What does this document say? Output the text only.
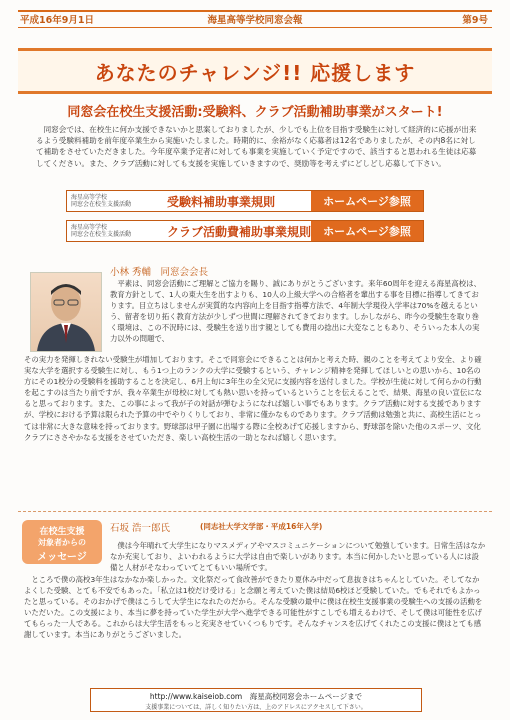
平成16年9月1日	海星高等学校同窓会報	第9号
あなたのチャレンジ!! 応援します
同窓会在校生支援活動:受験料、クラブ活動補助事業がスタート!
同窓会では、在校生に何か支援できないかと思案しておりましたが、少しでも上位を目指す受験生に対して経済的に応援が出来るよう受験料補助を前年度卒業生から実施いたしました。時期的に、余裕がなく応募者は12名でありましたが、その内8名に対して補助をさせていただきました。今年度卒業予定者に対しても事業を実施していく予定ですので、該当すると思われる生徒は応募してください。また、クラブ活動に対しても支援を実施していきますので、奨励等を考えずにどしどし応募して下さい。
海星高等学校
同窓会在校生支援活動	受験料補助事業規則	ホームページ参照
海星高等学校
同窓会在校生支援活動	クラブ活動費補助事業規則	ホームページ参照
小林 秀輔　同窓会会長
平素は、同窓会活動にご理解とご協力を賜り、誠にありがとうございます。来年60周年を迎える海星高校は、教育方針として、1人の東大生を出すよりも、10人の上級大学への合格者を輩出する事を目標に指導してきております。目立ちはしませんが実質的な内容向上を目指す指導方法で、4年制大学現役入学率は70%を越えるという、留者を切り拓く教育方法が少しずつ世間に理解されてきております。しかしながら、昨今の受験生を取り巻く環境は、この不況時には、受験生を送り出す親としても費用の捻出に大変なこともあり、そういった本人の実力以外の問題で、
その実力を発揮しきれない受験生が増加しております。そこで同窓会にできることは何かと考えた時、親のことを考えてより安全、より確実な大学を選択する受験生に対し、もう1つ上のランクの大学に受験するという、チャレンジ精神を発揮してほしいとの思いから、10名の方にその1校分の受験料を援助することを決定し、6月上旬に3年生の全父兄に支援内容を送付しました。学校が生徒に対して何らかの行動を起こすのは当たり前ですが、我々卒業生が母校に対しても熱い思いを持っているということを伝えることで、結果、海星の良い宣伝になると思っております。また、この事によって我が子の対話が弾むようになれば嬉しい事でもあります。クラブ活動に対する支援でありますが、学校における予算は限られた予算の中でやりくりしており、非常に僅かなものであります。クラブ活動は勉強と共に、高校生活にとっては非常に大きな意味を持っております。野球部は甲子園に出場する際に全校あげて応援しますから、野球部を除いた他のスポーツ、文化クラブにささやかなる支援をさせていただき、楽しい高校生活の一助となれば嬉しく思います。
在校生支援
対象者からの
メッセージ
石坂 浩一郎氏	(同志社大学文学部・平成16年入学)
僕は今年晴れて大学生になりマスメディアやマスコミュニケーションについて勉強しています。日常生活はなかなか充実しており、よいわれるように大学は自由で楽しいがあります。本当に何かしたいと思っている人には設備と人材がそなわっていてとてもいい場所です。
ところで僕の高校3年生はなかなか楽しかった。文化祭だって食改善ができたり夏休み中だって息抜きはちゃんとしていた。そしてなかよくした受験、とても不安でもあった。「私立は1校だけ受ける」と念願と考えていた僕は結局6校ほど受験していた。でもそれでもよかったと思っている。そのおかげで僕はこうして大学生になれたのだから。そんな受験の最中に僕は在校生支援事業の受験生への支援の活動をいただいた。この支援により、本当に夢を持っていた学生が大学へ進学できる可能性がすこしでも増えるわけで、そして僕は可能性を広げてもらった一人である。これからは大学生活をもっと充実させていくつもりです。そんなチャンスを広げてくれたこの支援に僕はとても感謝しています。本当にありがとうございました。
http://www.kaiseiob.com　海星高校同窓会ホームページまで
支援事業については、詳しく知りたい方は、上のアドレスにアクセスして下さい。
